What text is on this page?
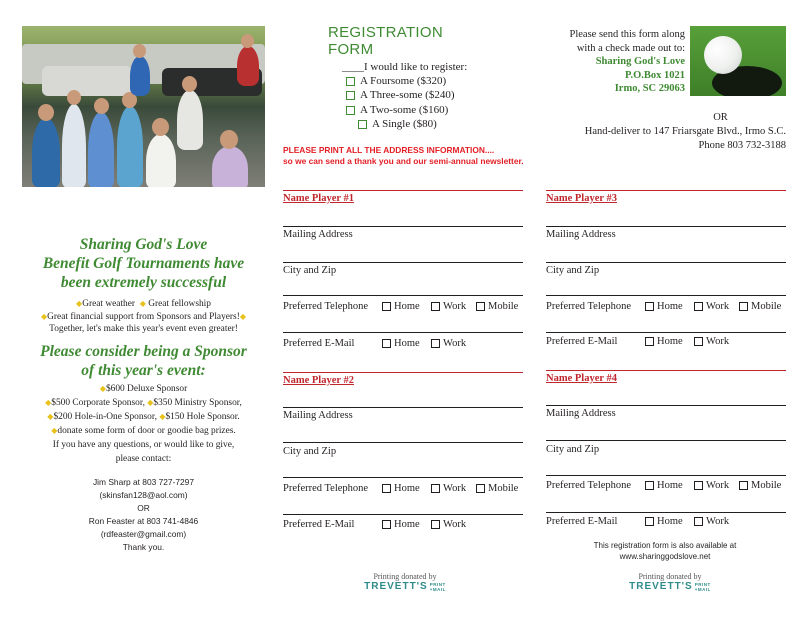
REGISTRATION FORM
____I would like to register:
A Foursome ($320)
A Three-some ($240)
A Two-some ($160)
A Single ($80)
Please send this form along
with a check made out to:
Sharing God's Love
P.O.Box 1021
Irmo, SC 29063
OR
Hand-deliver to 147 Friarsgate Blvd., Irmo S.C.
Phone 803 732-3188
PLEASE PRINT ALL THE ADDRESS INFORMATION....
so we can send a thank you and our semi-annual newsletter.
Sharing God's Love
Benefit Golf Tournaments have
been extremely successful
◆Great weather ◆ Great fellowship
◆Great financial support from Sponsors and Players!◆
Together, let's make this year's event even greater!
Please consider being a Sponsor
of this year's event:
◆$600 Deluxe Sponsor
◆$500 Corporate Sponsor, ◆$350 Ministry Sponsor,
◆$200 Hole-in-One Sponsor, ◆$150 Hole Sponsor.
◆donate some form of door or goodie bag prizes.
If you have any questions, or would like to give,
please contact:
Jim Sharp at 803 727-7297
(skinsfan128@aol.com)
OR
Ron Feaster at 803 741-4846
(rdfeaster@gmail.com)
Thank you.
Name Player #1
Mailing Address
City and Zip
Preferred Telephone Home Work Mobile
Preferred E-Mail	Home Work
Name Player #2
Mailing Address
City and Zip
Preferred Telephone Home Work Mobile
Preferred E-Mail	Home Work
Name Player #3
Mailing Address
City and Zip
Preferred Telephone Home Work Mobile
Preferred E-Mail	Home Work
Name Player #4
Mailing Address
City and Zip
Preferred Telephone Home Work Mobile
Preferred E-Mail	Home Work
This registration form is also available at
www.sharinggodslove.net
Printing donated by
TREVETT'S PRINT
+MAIL
Printing donated by
TREVETT'S PRINT
+MAIL
